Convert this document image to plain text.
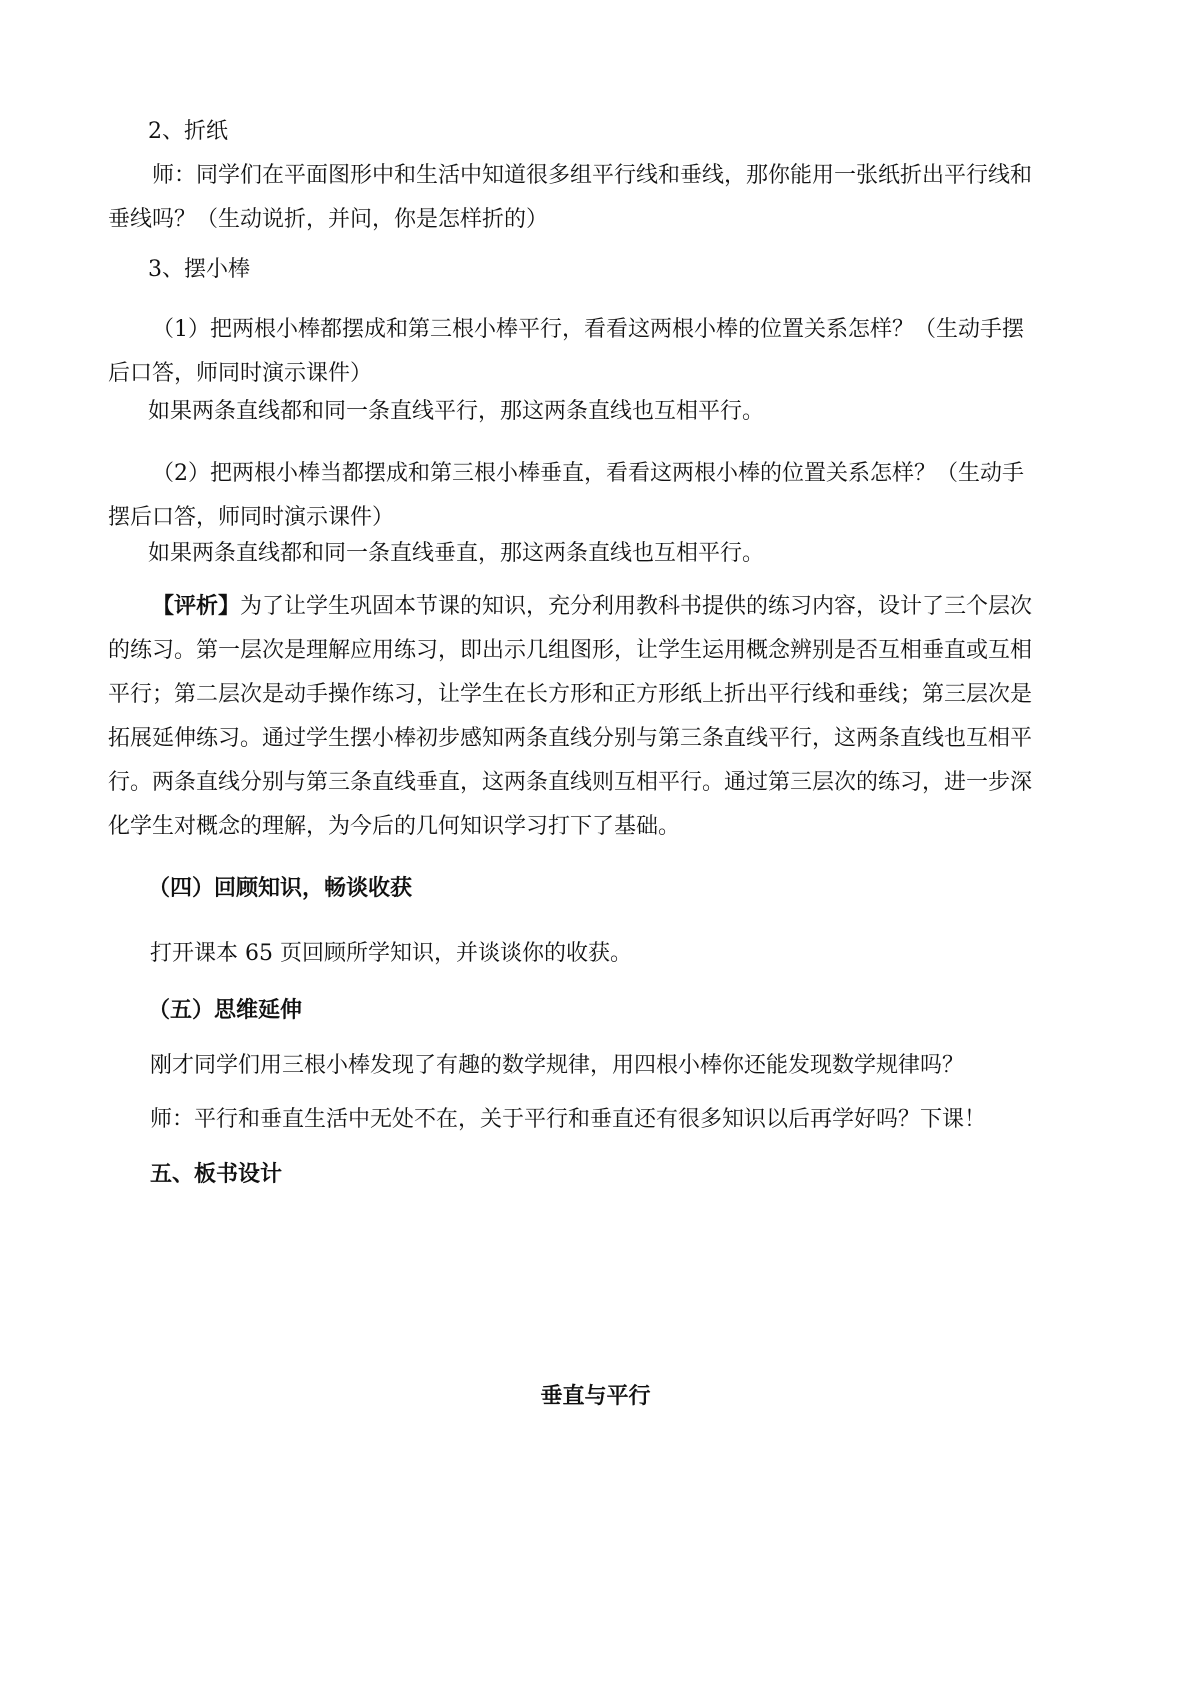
2、折纸
师：同学们在平面图形中和生活中知道很多组平行线和垂线，那你能用一张纸折出平行线和垂线吗？（生动说折，并问，你是怎样折的）
3、摆小棒
（1）把两根小棒都摆成和第三根小棒平行，看看这两根小棒的位置关系怎样？（生动手摆后口答，师同时演示课件）
如果两条直线都和同一条直线平行，那这两条直线也互相平行。
（2）把两根小棒当都摆成和第三根小棒垂直，看看这两根小棒的位置关系怎样？（生动手摆后口答，师同时演示课件）
如果两条直线都和同一条直线垂直，那这两条直线也互相平行。
【评析】为了让学生巩固本节课的知识，充分利用教科书提供的练习内容，设计了三个层次的练习。第一层次是理解应用练习，即出示几组图形，让学生运用概念辨别是否互相垂直或互相平行；第二层次是动手操作练习，让学生在长方形和正方形纸上折出平行线和垂线；第三层次是拓展延伸练习。通过学生摆小棒初步感知两条直线分别与第三条直线平行，这两条直线也互相平行。两条直线分别与第三条直线垂直，这两条直线则互相平行。通过第三层次的练习，进一步深化学生对概念的理解，为今后的几何知识学习打下了基础。
（四）回顾知识，畅谈收获
打开课本 65 页回顾所学知识，并谈谈你的收获。
（五）思维延伸
刚才同学们用三根小棒发现了有趣的数学规律，用四根小棒你还能发现数学规律吗？
师：平行和垂直生活中无处不在，关于平行和垂直还有很多知识以后再学好吗？下课！
五、板书设计
垂直与平行
